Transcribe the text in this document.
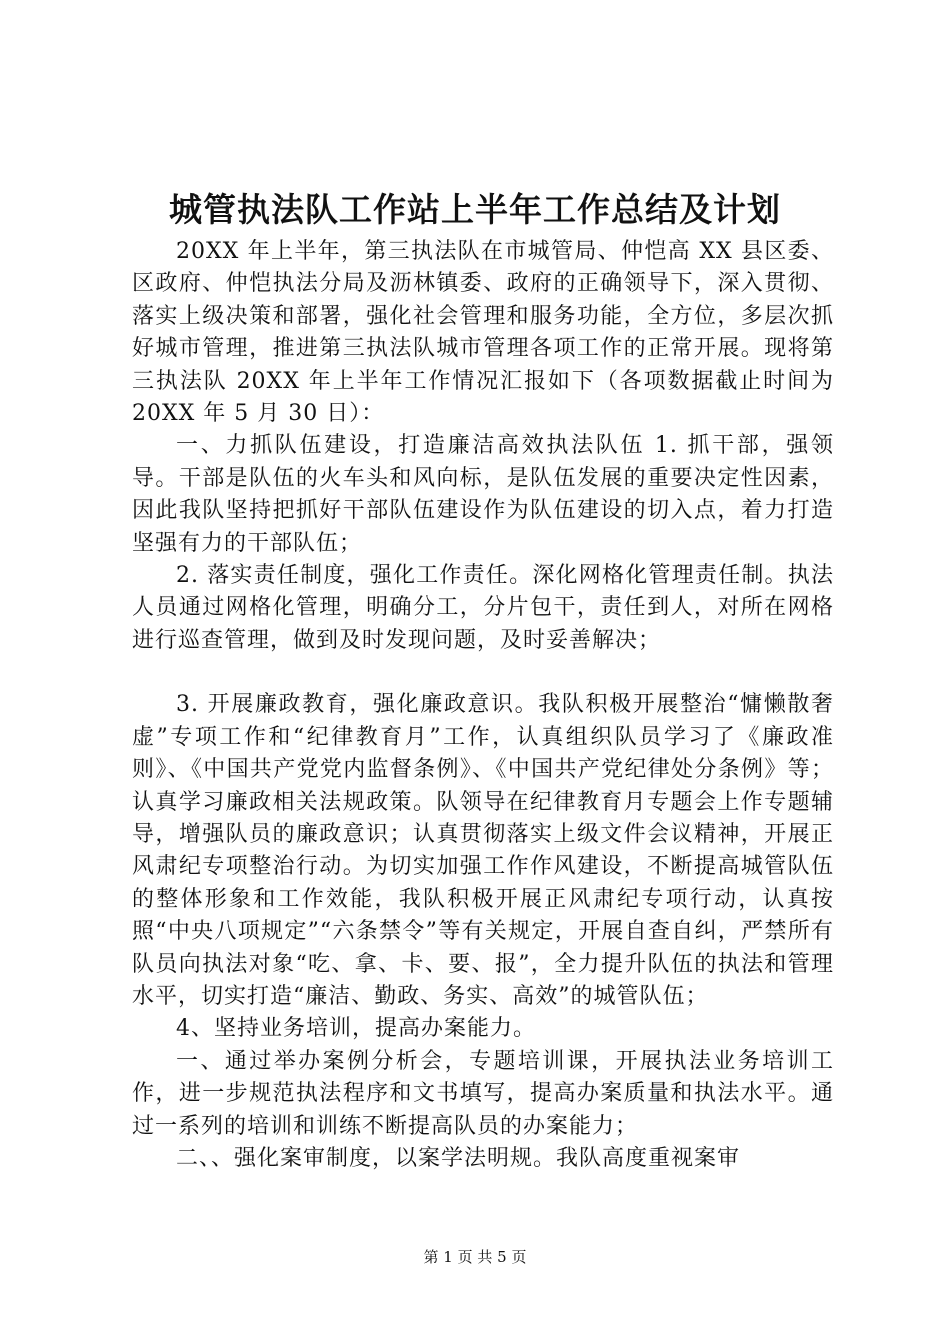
城管执法队工作站上半年工作总结及计划

20XX 年上半年，第三执法队在市城管局、仲恺高 XX 县区委、区政府、仲恺执法分局及沥林镇委、政府的正确领导下，深入贯彻、落实上级决策和部署，强化社会管理和服务功能，全方位，多层次抓好城市管理，推进第三执法队城市管理各项工作的正常开展。现将第三执法队 20XX 年上半年工作情况汇报如下（各项数据截止时间为 20XX 年 5 月 30 日）：

一、力抓队伍建设，打造廉洁高效执法队伍 1. 抓干部，强领导。干部是队伍的火车头和风向标，是队伍发展的重要决定性因素，因此我队坚持把抓好干部队伍建设作为队伍建设的切入点，着力打造坚强有力的干部队伍；

2. 落实责任制度，强化工作责任。深化网格化管理责任制。执法人员通过网格化管理，明确分工，分片包干，责任到人，对所在网格进行巡查管理，做到及时发现问题，及时妥善解决；

3. 开展廉政教育，强化廉政意识。我队积极开展整治“慵懒散奢虚”专项工作和“纪律教育月”工作，认真组织队员学习了《廉政准则》、《中国共产党党内监督条例》、《中国共产党纪律处分条例》等；认真学习廉政相关法规政策。队领导在纪律教育月专题会上作专题辅导，增强队员的廉政意识；认真贯彻落实上级文件会议精神，开展正风肃纪专项整治行动。为切实加强工作作风建设，不断提高城管队伍的整体形象和工作效能，我队积极开展正风肃纪专项行动，认真按照“中央八项规定”“六条禁令”等有关规定，开展自查自纠，严禁所有队员向执法对象“吃、拿、卡、要、报”，全力提升队伍的执法和管理水平，切实打造“廉洁、勤政、务实、高效”的城管队伍；

4、坚持业务培训，提高办案能力。

一、通过举办案例分析会，专题培训课，开展执法业务培训工作，进一步规范执法程序和文书填写，提高办案质量和执法水平。通过一系列的培训和训练不断提高队员的办案能力；

二、、强化案审制度，以案学法明规。我队高度重视案审

第 1 页 共 5 页
